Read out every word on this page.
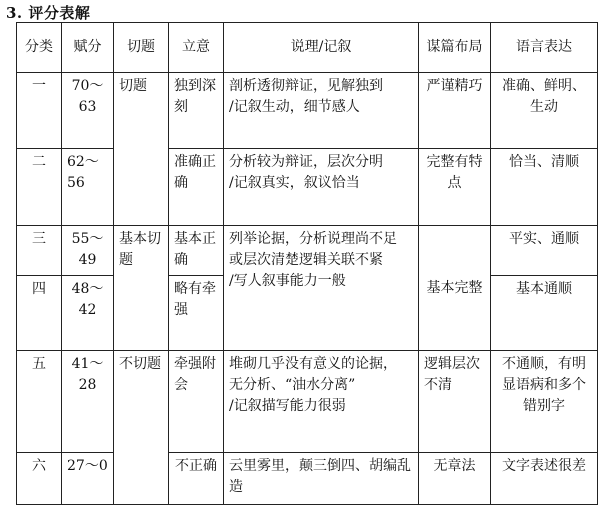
3. 评分表解
分类	赋分	切题	立意	说理/记叙	谋篇布局	语言表达
一	70～63	切题	独到深刻	剖析透彻辩证，见解独到
/记叙生动，细节感人	严谨精巧	准确、鲜明、生动
二	62～56		准确正确	分析较为辩证，层次分明
/记叙真实，叙议恰当	完整有特点	恰当、清顺
三	55～49	基本切题	基本正确	列举论据，分析说理尚不足
或层次清楚逻辑关联不紧
/写人叙事能力一般	基本完整	平实、通顺
四	48～42		略有牵强			基本通顺
五	41～28	不切题	牵强附会	堆砌几乎没有意义的论据，
无分析、“油水分离”
/记叙描写能力很弱	逻辑层次不清	不通顺，有明显语病和多个错别字
六	27～0		不正确	云里雾里，颠三倒四、胡编乱造	无章法	文字表述很差
